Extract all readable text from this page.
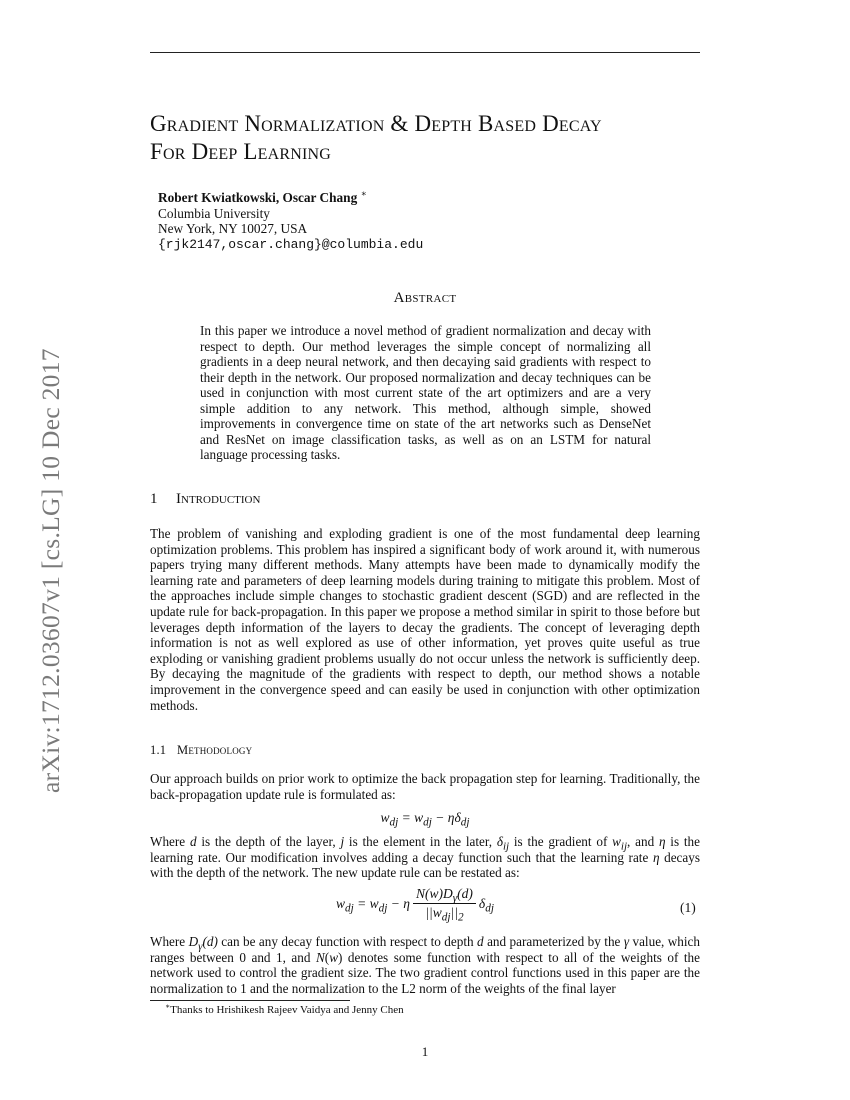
arXiv:1712.03607v1 [cs.LG] 10 Dec 2017
Gradient Normalization & Depth Based Decay
For Deep Learning
Robert Kwiatkowski, Oscar Chang ∗
Columbia University
New York, NY 10027, USA
{rjk2147,oscar.chang}@columbia.edu
Abstract
In this paper we introduce a novel method of gradient normalization and decay with respect to depth. Our method leverages the simple concept of normalizing all gradients in a deep neural network, and then decaying said gradients with respect to their depth in the network. Our proposed normalization and decay techniques can be used in conjunction with most current state of the art optimizers and are a very simple addition to any network. This method, although simple, showed improvements in convergence time on state of the art networks such as DenseNet and ResNet on image classification tasks, as well as on an LSTM for natural language processing tasks.
1 Introduction
The problem of vanishing and exploding gradient is one of the most fundamental deep learning optimization problems. This problem has inspired a significant body of work around it, with numerous papers trying many different methods. Many attempts have been made to dynamically modify the learning rate and parameters of deep learning models during training to mitigate this problem. Most of the approaches include simple changes to stochastic gradient descent (SGD) and are reflected in the update rule for back-propagation. In this paper we propose a method similar in spirit to those before but leverages depth information of the layers to decay the gradients. The concept of leveraging depth information is not as well explored as use of other information, yet proves quite useful as true exploding or vanishing gradient problems usually do not occur unless the network is sufficiently deep. By decaying the magnitude of the gradients with respect to depth, our method shows a notable improvement in the convergence speed and can easily be used in conjunction with other optimization methods.
1.1 Methodology
Our approach builds on prior work to optimize the back propagation step for learning. Traditionally, the back-propagation update rule is formulated as:
$w_{dj} = w_{dj} - \eta\delta_{dj}$
Where d is the depth of the layer, j is the element in the later, $\delta_{ij}$ is the gradient of $w_{ij}$, and η is the learning rate. Our modification involves adding a decay function such that the learning rate η decays with the depth of the network. The new update rule can be restated as:
$w_{dj} = w_{dj} - \eta \frac{N(w)D_\gamma(d)}{||w_{dj}||_2} \delta_{dj}$	(1)
Where $D_\gamma(d)$ can be any decay function with respect to depth d and parameterized by the γ value, which ranges between 0 and 1, and N(w) denotes some function with respect to all of the weights of the network used to control the gradient size. The two gradient control functions used in this paper are the normalization to 1 and the normalization to the L2 norm of the weights of the final layer
∗Thanks to Hrishikesh Rajeev Vaidya and Jenny Chen
1
